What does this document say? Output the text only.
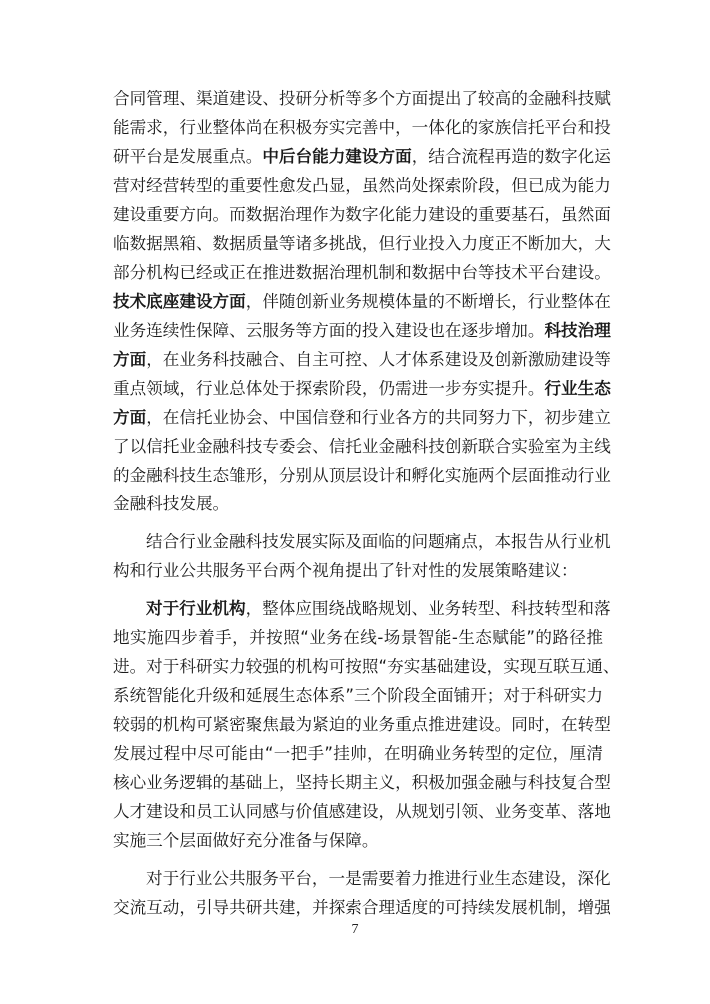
合同管理、渠道建设、投研分析等多个方面提出了较高的金融科技赋
能需求，行业整体尚在积极夯实完善中，一体化的家族信托平台和投
研平台是发展重点。中后台能力建设方面，结合流程再造的数字化运
营对经营转型的重要性愈发凸显，虽然尚处探索阶段，但已成为能力
建设重要方向。而数据治理作为数字化能力建设的重要基石，虽然面
临数据黑箱、数据质量等诸多挑战，但行业投入力度正不断加大，大
部分机构已经或正在推进数据治理机制和数据中台等技术平台建设。
技术底座建设方面，伴随创新业务规模体量的不断增长，行业整体在
业务连续性保障、云服务等方面的投入建设也在逐步增加。科技治理
方面，在业务科技融合、自主可控、人才体系建设及创新激励建设等
重点领域，行业总体处于探索阶段，仍需进一步夯实提升。行业生态
方面，在信托业协会、中国信登和行业各方的共同努力下，初步建立
了以信托业金融科技专委会、信托业金融科技创新联合实验室为主线
的金融科技生态雏形，分别从顶层设计和孵化实施两个层面推动行业
金融科技发展。
结合行业金融科技发展实际及面临的问题痛点，本报告从行业机
构和行业公共服务平台两个视角提出了针对性的发展策略建议：
对于行业机构，整体应围绕战略规划、业务转型、科技转型和落
地实施四步着手，并按照“业务在线-场景智能-生态赋能”的路径推
进。对于科研实力较强的机构可按照“夯实基础建设，实现互联互通、
系统智能化升级和延展生态体系”三个阶段全面铺开；对于科研实力
较弱的机构可紧密聚焦最为紧迫的业务重点推进建设。同时，在转型
发展过程中尽可能由“一把手”挂帅，在明确业务转型的定位，厘清
核心业务逻辑的基础上，坚持长期主义，积极加强金融与科技复合型
人才建设和员工认同感与价值感建设，从规划引领、业务变革、落地
实施三个层面做好充分准备与保障。
对于行业公共服务平台，一是需要着力推进行业生态建设，深化
交流互动，引导共研共建，并探索合理适度的可持续发展机制，增强
7
